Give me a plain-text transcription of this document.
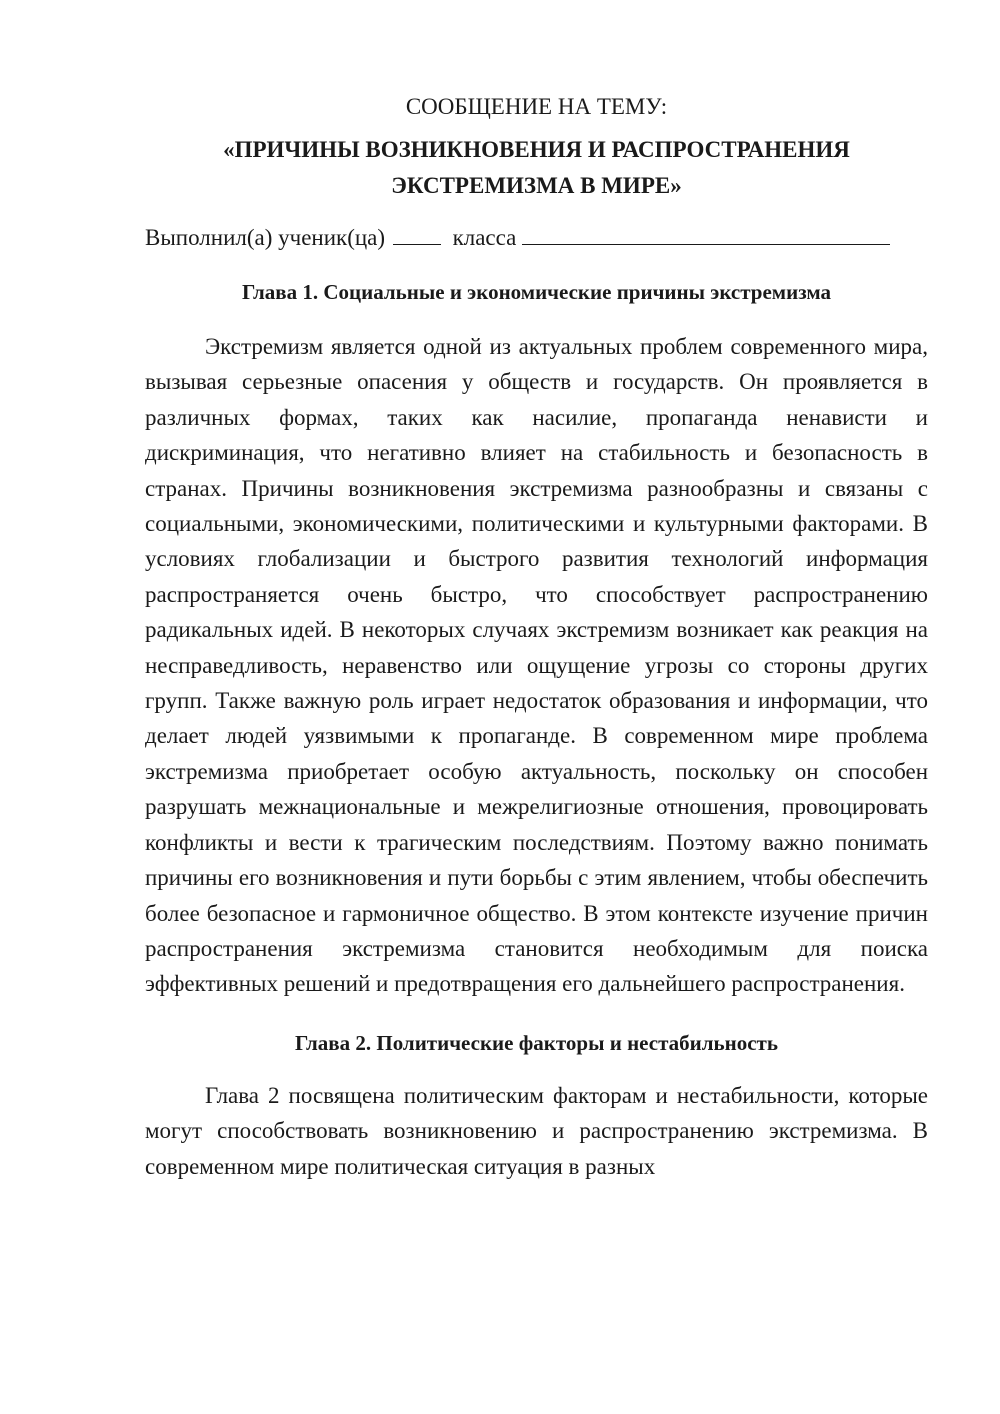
СООБЩЕНИЕ НА ТЕМУ:

«ПРИЧИНЫ ВОЗНИКНОВЕНИЯ И РАСПРОСТРАНЕНИЯ
ЭКСТРЕМИЗМА В МИРЕ»

Выполнил(а) ученик(ца)	класса

Глава 1. Социальные и экономические причины экстремизма

Экстремизм является одной из актуальных проблем современного мира, вызывая серьезные опасения у обществ и государств. Он проявляется в различных формах, таких как насилие, пропаганда ненависти и дискриминация, что негативно влияет на стабильность и безопасность в странах. Причины возникновения экстремизма разнообразны и связаны с социальными, экономическими, политическими и культурными факторами. В условиях глобализации и быстрого развития технологий информация распространяется очень быстро, что способствует распространению радикальных идей. В некоторых случаях экстремизм возникает как реакция на несправедливость, неравенство или ощущение угрозы со стороны других групп. Также важную роль играет недостаток образования и информации, что делает людей уязвимыми к пропаганде. В современном мире проблема экстремизма приобретает особую актуальность, поскольку он способен разрушать межнациональные и межрелигиозные отношения, провоцировать конфликты и вести к трагическим последствиям. Поэтому важно понимать причины его возникновения и пути борьбы с этим явлением, чтобы обеспечить более безопасное и гармоничное общество. В этом контексте изучение причин распространения экстремизма становится необходимым для поиска эффективных решений и предотвращения его дальнейшего распространения.

Глава 2. Политические факторы и нестабильность

Глава 2 посвящена политическим факторам и нестабильности, которые могут способствовать возникновению и распространению экстремизма. В современном мире политическая ситуация в разных
